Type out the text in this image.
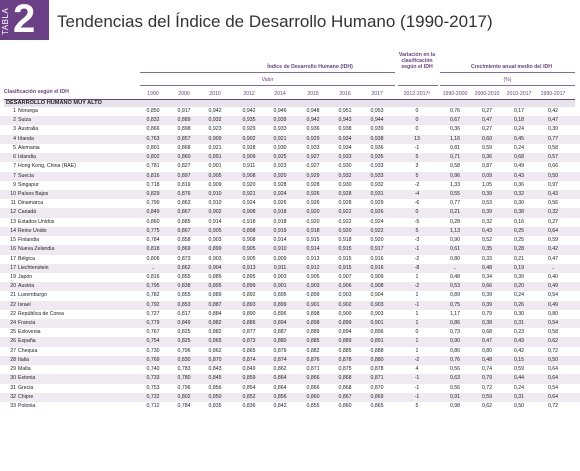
TABLA 2 Tendencias del Índice de Desarrollo Humano (1990-2017)
Índice de Desarrollo Humano (IDH)
Valor
Variación en la clasificación según el IDH	Crecimiento anual medio del IDH
(%)
Clasificación según el IDH	1990	2000	2010	2012	2014	2015	2016	2017	2012-2017ᵃ	1990-2000	2000-2010	2010-2017	1990-2017
DESARROLLO HUMANO MUY ALTO
1 Noruega	0,850	0,917	0,942	0,942	0,946	0,948	0,951	0,953	0	0,76	0,27	0,17	0,42
2 Suiza	0,832	0,889	0,932	0,935	0,939	0,942	0,943	0,944	0	0,67	0,47	0,18	0,47
3 Australia	0,866	0,898	0,923	0,929	0,933	0,936	0,938	0,939	0	0,36	0,27	0,24	0,30
4 Irlanda	0,763	0,857	0,909	0,902	0,921	0,929	0,934	0,938	13	1,16	0,60	0,45	0,77
5 Alemania	0,801	0,868	0,921	0,928	0,930	0,933	0,934	0,936	-1	0,81	0,59	0,24	0,58
6 Islandia	0,802	0,860	0,891	0,909	0,925	0,927	0,933	0,935	5	0,71	0,36	0,68	0,57
7 Hong Kong, China (RAE)	0,781	0,827	0,901	0,911	0,923	0,927	0,930	0,933	3	0,58	0,87	0,49	0,66
7 Suecia	0,816	0,897	0,905	0,908	0,920	0,929	0,932	0,933	5	0,96	0,09	0,43	0,50
9 Singapur	0,718	0,819	0,909	0,920	0,928	0,928	0,930	0,932	-2	1,33	1,05	0,36	0,97
10 Países Bajos	0,829	0,876	0,910	0,921	0,924	0,926	0,928	0,931	-4	0,55	0,39	0,32	0,43
11 Dinamarca	0,799	0,863	0,910	0,924	0,926	0,926	0,928	0,929	-6	0,77	0,53	0,30	0,56
12 Canadá	0,849	0,867	0,902	0,908	0,918	0,920	0,922	0,926	0	0,21	0,39	0,38	0,32
13 Estados Unidos	0,860	0,885	0,914	0,918	0,918	0,920	0,922	0,924	-5	0,28	0,32	0,16	0,27
14 Reino Unido	0,775	0,867	0,905	0,898	0,919	0,918	0,920	0,922	5	1,13	0,43	0,25	0,64
15 Finlandia	0,784	0,858	0,903	0,908	0,914	0,915	0,918	0,920	-3	0,90	0,52	0,25	0,59
16 Nueva Zelandia	0,818	0,869	0,899	0,905	0,910	0,914	0,915	0,917	-1	0,61	0,35	0,28	0,42
17 Bélgica	0,806	0,873	0,903	0,905	0,909	0,913	0,915	0,916	-2	0,80	0,33	0,21	0,47
17 Liechtenstein	..	0,862	0,904	0,913	0,911	0,912	0,915	0,916	-8	..	0,48	0,19	..
19 Japón	0,816	0,855	0,885	0,895	0,903	0,905	0,907	0,909	1	0,48	0,34	0,39	0,40
20 Austria	0,795	0,838	0,895	0,899	0,901	0,903	0,906	0,908	-2	0,53	0,66	0,20	0,49
21 Luxemburgo	0,782	0,855	0,889	0,892	0,895	0,899	0,903	0,904	1	0,89	0,39	0,24	0,54
22 Israel	0,792	0,853	0,887	0,893	0,899	0,901	0,902	0,903	-1	0,75	0,39	0,26	0,49
22 República de Corea	0,727	0,817	0,884	0,890	0,896	0,898	0,900	0,903	1	1,17	0,79	0,30	0,80
24 Francia	0,779	0,849	0,882	0,886	0,894	0,898	0,899	0,901	1	0,86	0,38	0,31	0,54
25 Eslovenia	0,767	0,825	0,882	0,877	0,887	0,889	0,894	0,896	0	0,73	0,68	0,23	0,58
26 España	0,754	0,825	0,865	0,873	0,880	0,885	0,889	0,891	1	0,90	0,47	0,43	0,62
27 Chequia	0,730	0,796	0,862	0,865	0,879	0,882	0,885	0,888	1	0,86	0,80	0,42	0,72
28 Italia	0,769	0,830	0,870	0,874	0,874	0,876	0,878	0,880	-2	0,76	0,48	0,15	0,50
29 Malta	0,740	0,783	0,843	0,849	0,862	0,871	0,875	0,878	4	0,56	0,74	0,59	0,64
30 Estonia	0,733	0,780	0,845	0,859	0,864	0,866	0,868	0,871	-1	0,63	0,79	0,44	0,64
31 Grecia	0,753	0,796	0,856	0,854	0,864	0,866	0,868	0,870	-1	0,56	0,72	0,24	0,54
32 Chipre	0,732	0,802	0,850	0,852	0,856	0,860	0,867	0,869	-1	0,91	0,59	0,31	0,64
33 Polonia	0,712	0,784	0,835	0,836	0,842	0,855	0,860	0,865	5	0,98	0,62	0,50	0,72
